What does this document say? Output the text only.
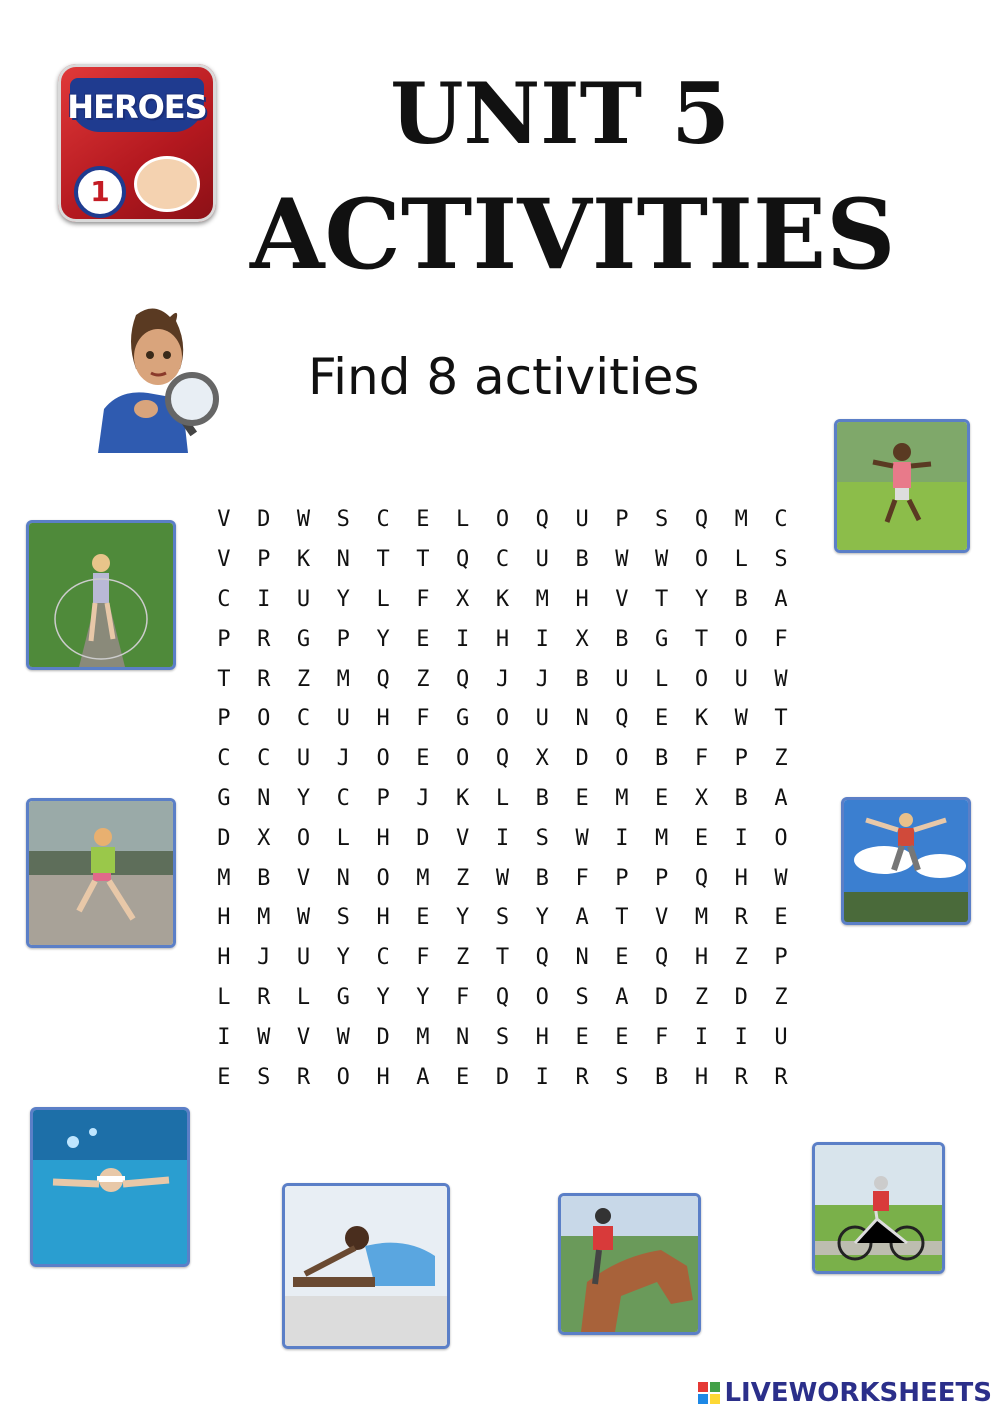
HEROES
1
UNIT 5
ACTIVITIES
Find 8 activities
V	D	W	S	C	E	L	O	Q	U	P	S	Q	M	C
V	P	K	N	T	T	Q	C	U	B	W	W	O	L	S
C	I	U	Y	L	F	X	K	M	H	V	T	Y	B	A
P	R	G	P	Y	E	I	H	I	X	B	G	T	O	F
T	R	Z	M	Q	Z	Q	J	J	B	U	L	O	U	W
P	O	C	U	H	F	G	O	U	N	Q	E	K	W	T
C	C	U	J	O	E	O	Q	X	D	O	B	F	P	Z
G	N	Y	C	P	J	K	L	B	E	M	E	X	B	A
D	X	O	L	H	D	V	I	S	W	I	M	E	I	O
M	B	V	N	O	M	Z	W	B	F	P	P	Q	H	W
H	M	W	S	H	E	Y	S	Y	A	T	V	M	R	E
H	J	U	Y	C	F	Z	T	Q	N	E	Q	H	Z	P
L	R	L	G	Y	Y	F	Q	O	S	A	D	Z	D	Z
I	W	V	W	D	M	N	S	H	E	E	F	I	I	U
E	S	R	O	H	A	E	D	I	R	S	B	H	R	R
LIVEWORKSHEETS
